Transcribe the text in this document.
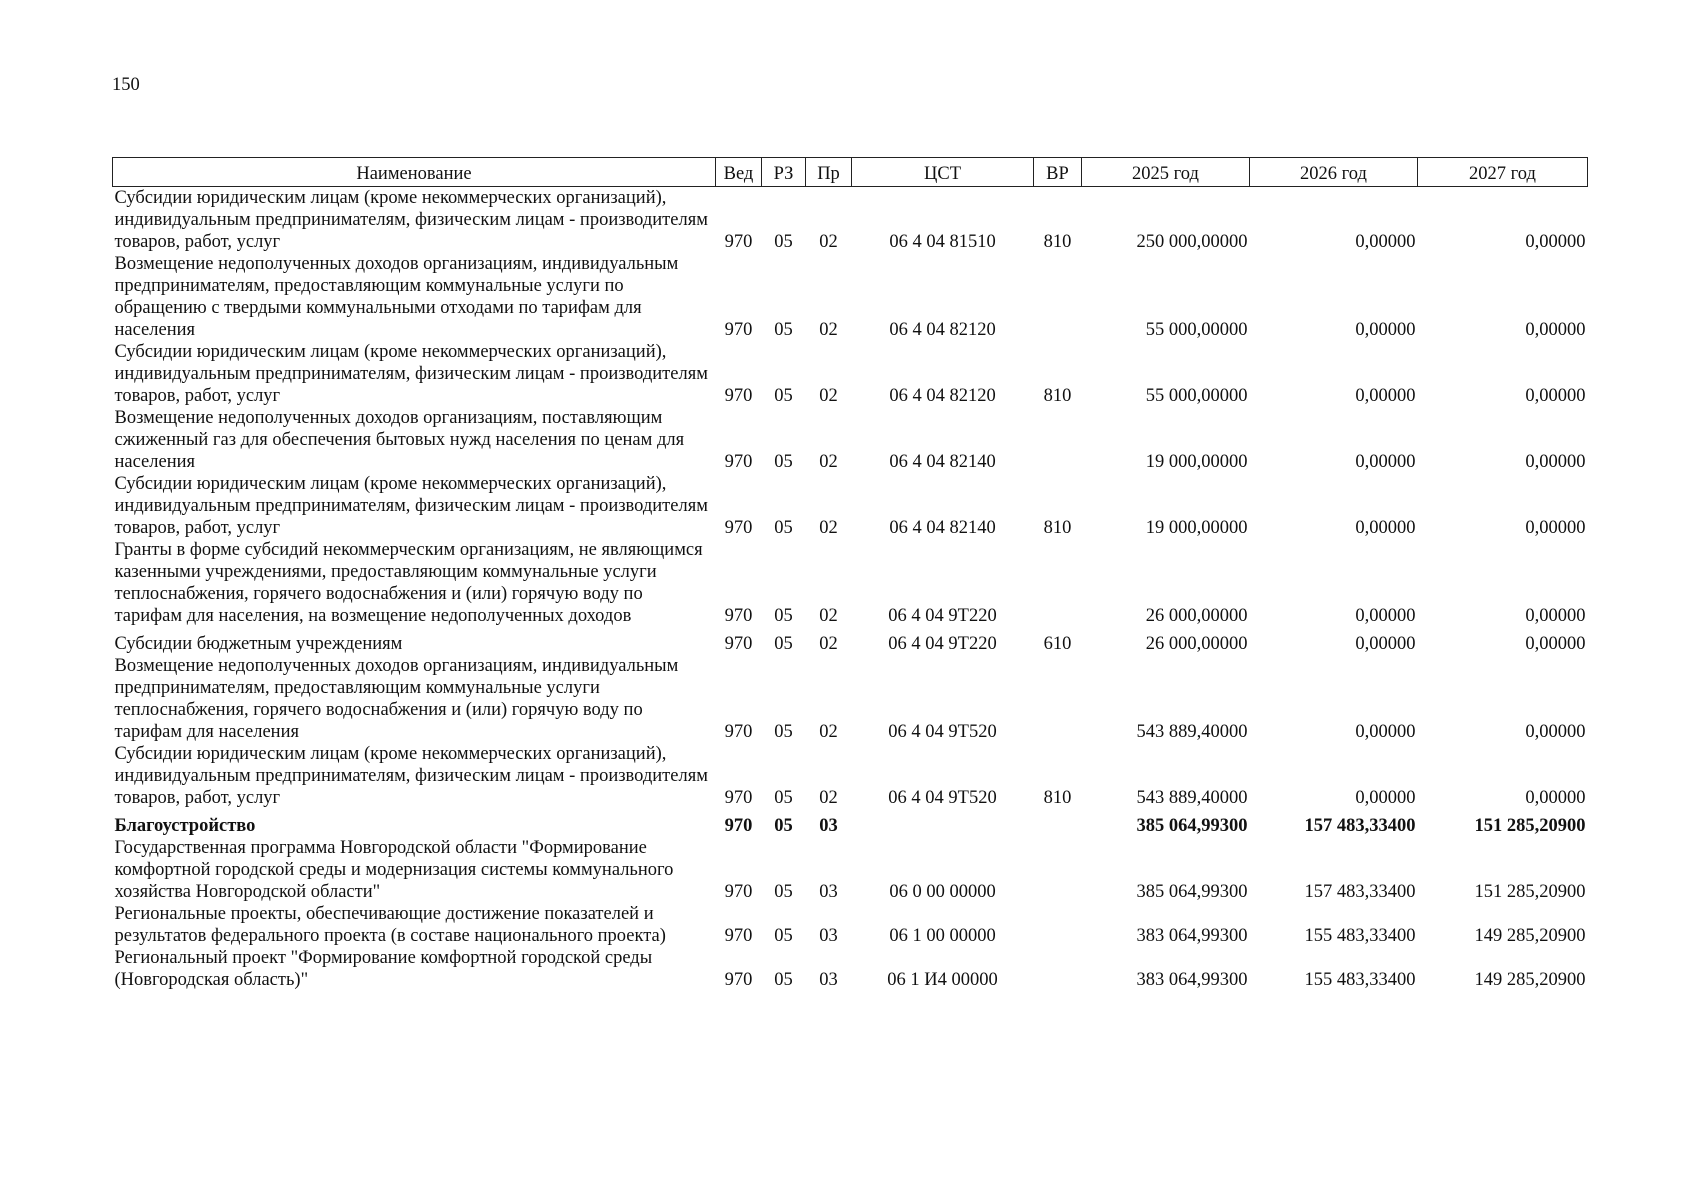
150
Наименование	Вед	РЗ	Пр	ЦСТ	ВР	2025 год	2026 год	2027 год
Субсидии юридическим лицам (кроме некоммерческих организаций), индивидуальным предпринимателям, физическим лицам - производителям товаров, работ, услуг	970	05	02	06 4 04 81510	810	250 000,00000	0,00000	0,00000
Возмещение недополученных доходов организациям, индивидуальным предпринимателям, предоставляющим коммунальные услуги по обращению с твердыми коммунальными отходами по тарифам для населения	970	05	02	06 4 04 82120		55 000,00000	0,00000	0,00000
Субсидии юридическим лицам (кроме некоммерческих организаций), индивидуальным предпринимателям, физическим лицам - производителям товаров, работ, услуг	970	05	02	06 4 04 82120	810	55 000,00000	0,00000	0,00000
Возмещение недополученных доходов организациям, поставляющим сжиженный газ для обеспечения бытовых нужд населения по ценам для населения	970	05	02	06 4 04 82140		19 000,00000	0,00000	0,00000
Субсидии юридическим лицам (кроме некоммерческих организаций), индивидуальным предпринимателям, физическим лицам - производителям товаров, работ, услуг	970	05	02	06 4 04 82140	810	19 000,00000	0,00000	0,00000
Гранты в форме субсидий некоммерческим организациям, не являющимся казенными учреждениями, предоставляющим коммунальные услуги теплоснабжения, горячего водоснабжения и (или) горячую воду по тарифам для населения, на возмещение недополученных доходов	970	05	02	06 4 04 9Т220		26 000,00000	0,00000	0,00000
Субсидии бюджетным учреждениям	970	05	02	06 4 04 9Т220	610	26 000,00000	0,00000	0,00000
Возмещение недополученных доходов организациям, индивидуальным предпринимателям, предоставляющим коммунальные услуги теплоснабжения, горячего водоснабжения и (или) горячую воду по тарифам для населения	970	05	02	06 4 04 9Т520		543 889,40000	0,00000	0,00000
Субсидии юридическим лицам (кроме некоммерческих организаций), индивидуальным предпринимателям, физическим лицам - производителям товаров, работ, услуг	970	05	02	06 4 04 9Т520	810	543 889,40000	0,00000	0,00000
Благоустройство	970	05	03			385 064,99300	157 483,33400	151 285,20900
Государственная программа Новгородской области "Формирование комфортной городской среды и модернизация системы коммунального хозяйства Новгородской области"	970	05	03	06 0 00 00000		385 064,99300	157 483,33400	151 285,20900
Региональные проекты, обеспечивающие достижение показателей и результатов федерального проекта (в составе национального проекта)	970	05	03	06 1 00 00000		383 064,99300	155 483,33400	149 285,20900
Региональный проект "Формирование комфортной городской среды (Новгородская область)"	970	05	03	06 1 И4 00000		383 064,99300	155 483,33400	149 285,20900
